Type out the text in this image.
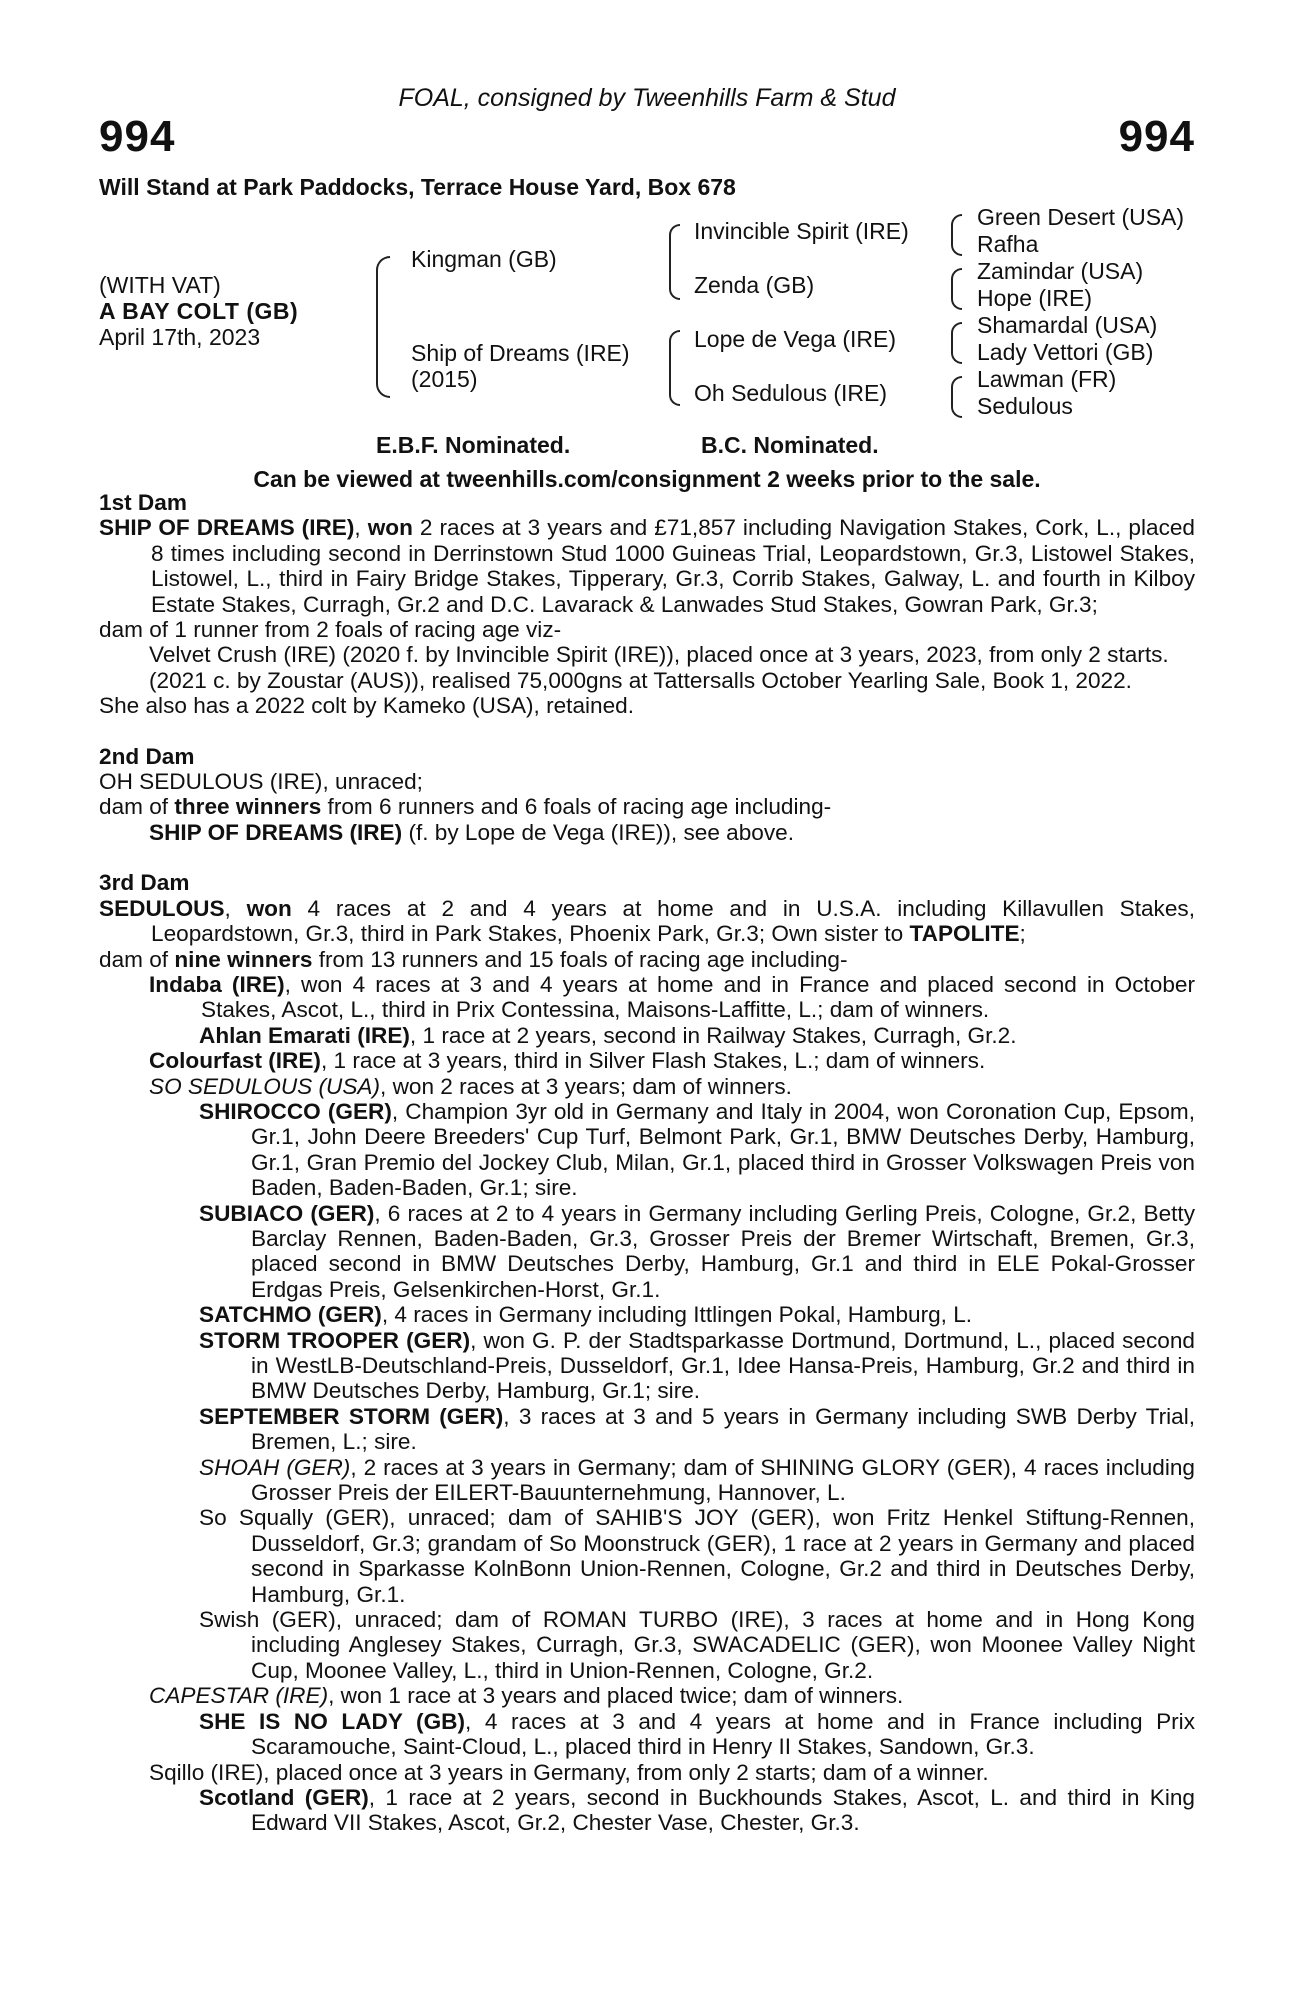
FOAL, consigned by Tweenhills Farm & Stud
994	994
Will Stand at Park Paddocks, Terrace House Yard, Box 678
(WITH VAT)
A BAY COLT (GB)
April 17th, 2023
Kingman (GB)
Ship of Dreams (IRE)
(2015)
Invincible Spirit (IRE)
Zenda (GB)
Lope de Vega (IRE)
Oh Sedulous (IRE)
Green Desert (USA)
Rafha
Zamindar (USA)
Hope (IRE)
Shamardal (USA)
Lady Vettori (GB)
Lawman (FR)
Sedulous
E.B.F. Nominated.	B.C. Nominated.
Can be viewed at tweenhills.com/consignment 2 weeks prior to the sale.

1st Dam

SHIP OF DREAMS (IRE), won 2 races at 3 years and £71,857 including Navigation Stakes, Cork, L., placed 8 times including second in Derrinstown Stud 1000 Guineas Trial, Leopardstown, Gr.3, Listowel Stakes, Listowel, L., third in Fairy Bridge Stakes, Tipperary, Gr.3, Corrib Stakes, Galway, L. and fourth in Kilboy Estate Stakes, Curragh, Gr.2 and D.C. Lavarack & Lanwades Stud Stakes, Gowran Park, Gr.3;

dam of 1 runner from 2 foals of racing age viz-

Velvet Crush (IRE) (2020 f. by Invincible Spirit (IRE)), placed once at 3 years, 2023, from only 2 starts.

(2021 c. by Zoustar (AUS)), realised 75,000gns at Tattersalls October Yearling Sale, Book 1, 2022.

She also has a 2022 colt by Kameko (USA), retained.

2nd Dam

OH SEDULOUS (IRE), unraced;

dam of three winners from 6 runners and 6 foals of racing age including-

SHIP OF DREAMS (IRE) (f. by Lope de Vega (IRE)), see above.

3rd Dam

SEDULOUS, won 4 races at 2 and 4 years at home and in U.S.A. including Killavullen Stakes, Leopardstown, Gr.3, third in Park Stakes, Phoenix Park, Gr.3; Own sister to TAPOLITE;

dam of nine winners from 13 runners and 15 foals of racing age including-

Indaba (IRE), won 4 races at 3 and 4 years at home and in France and placed second in October Stakes, Ascot, L., third in Prix Contessina, Maisons-Laffitte, L.; dam of winners.

Ahlan Emarati (IRE), 1 race at 2 years, second in Railway Stakes, Curragh, Gr.2.

Colourfast (IRE), 1 race at 3 years, third in Silver Flash Stakes, L.; dam of winners.

SO SEDULOUS (USA), won 2 races at 3 years; dam of winners.

SHIROCCO (GER), Champion 3yr old in Germany and Italy in 2004, won Coronation Cup, Epsom, Gr.1, John Deere Breeders' Cup Turf, Belmont Park, Gr.1, BMW Deutsches Derby, Hamburg, Gr.1, Gran Premio del Jockey Club, Milan, Gr.1, placed third in Grosser Volkswagen Preis von Baden, Baden-Baden, Gr.1; sire.

SUBIACO (GER), 6 races at 2 to 4 years in Germany including Gerling Preis, Cologne, Gr.2, Betty Barclay Rennen, Baden-Baden, Gr.3, Grosser Preis der Bremer Wirtschaft, Bremen, Gr.3, placed second in BMW Deutsches Derby, Hamburg, Gr.1 and third in ELE Pokal-Grosser Erdgas Preis, Gelsenkirchen-Horst, Gr.1.

SATCHMO (GER), 4 races in Germany including Ittlingen Pokal, Hamburg, L.

STORM TROOPER (GER), won G. P. der Stadtsparkasse Dortmund, Dortmund, L., placed second in WestLB-Deutschland-Preis, Dusseldorf, Gr.1, Idee Hansa-Preis, Hamburg, Gr.2 and third in BMW Deutsches Derby, Hamburg, Gr.1; sire.

SEPTEMBER STORM (GER), 3 races at 3 and 5 years in Germany including SWB Derby Trial, Bremen, L.; sire.

SHOAH (GER), 2 races at 3 years in Germany; dam of SHINING GLORY (GER), 4 races including Grosser Preis der EILERT-Bauunternehmung, Hannover, L.

So Squally (GER), unraced; dam of SAHIB'S JOY (GER), won Fritz Henkel Stiftung-Rennen, Dusseldorf, Gr.3; grandam of So Moonstruck (GER), 1 race at 2 years in Germany and placed second in Sparkasse KolnBonn Union-Rennen, Cologne, Gr.2 and third in Deutsches Derby, Hamburg, Gr.1.

Swish (GER), unraced; dam of ROMAN TURBO (IRE), 3 races at home and in Hong Kong including Anglesey Stakes, Curragh, Gr.3, SWACADELIC (GER), won Moonee Valley Night Cup, Moonee Valley, L., third in Union-Rennen, Cologne, Gr.2.

CAPESTAR (IRE), won 1 race at 3 years and placed twice; dam of winners.

SHE IS NO LADY (GB), 4 races at 3 and 4 years at home and in France including Prix Scaramouche, Saint-Cloud, L., placed third in Henry II Stakes, Sandown, Gr.3.

Sqillo (IRE), placed once at 3 years in Germany, from only 2 starts; dam of a winner.

Scotland (GER), 1 race at 2 years, second in Buckhounds Stakes, Ascot, L. and third in King Edward VII Stakes, Ascot, Gr.2, Chester Vase, Chester, Gr.3.
